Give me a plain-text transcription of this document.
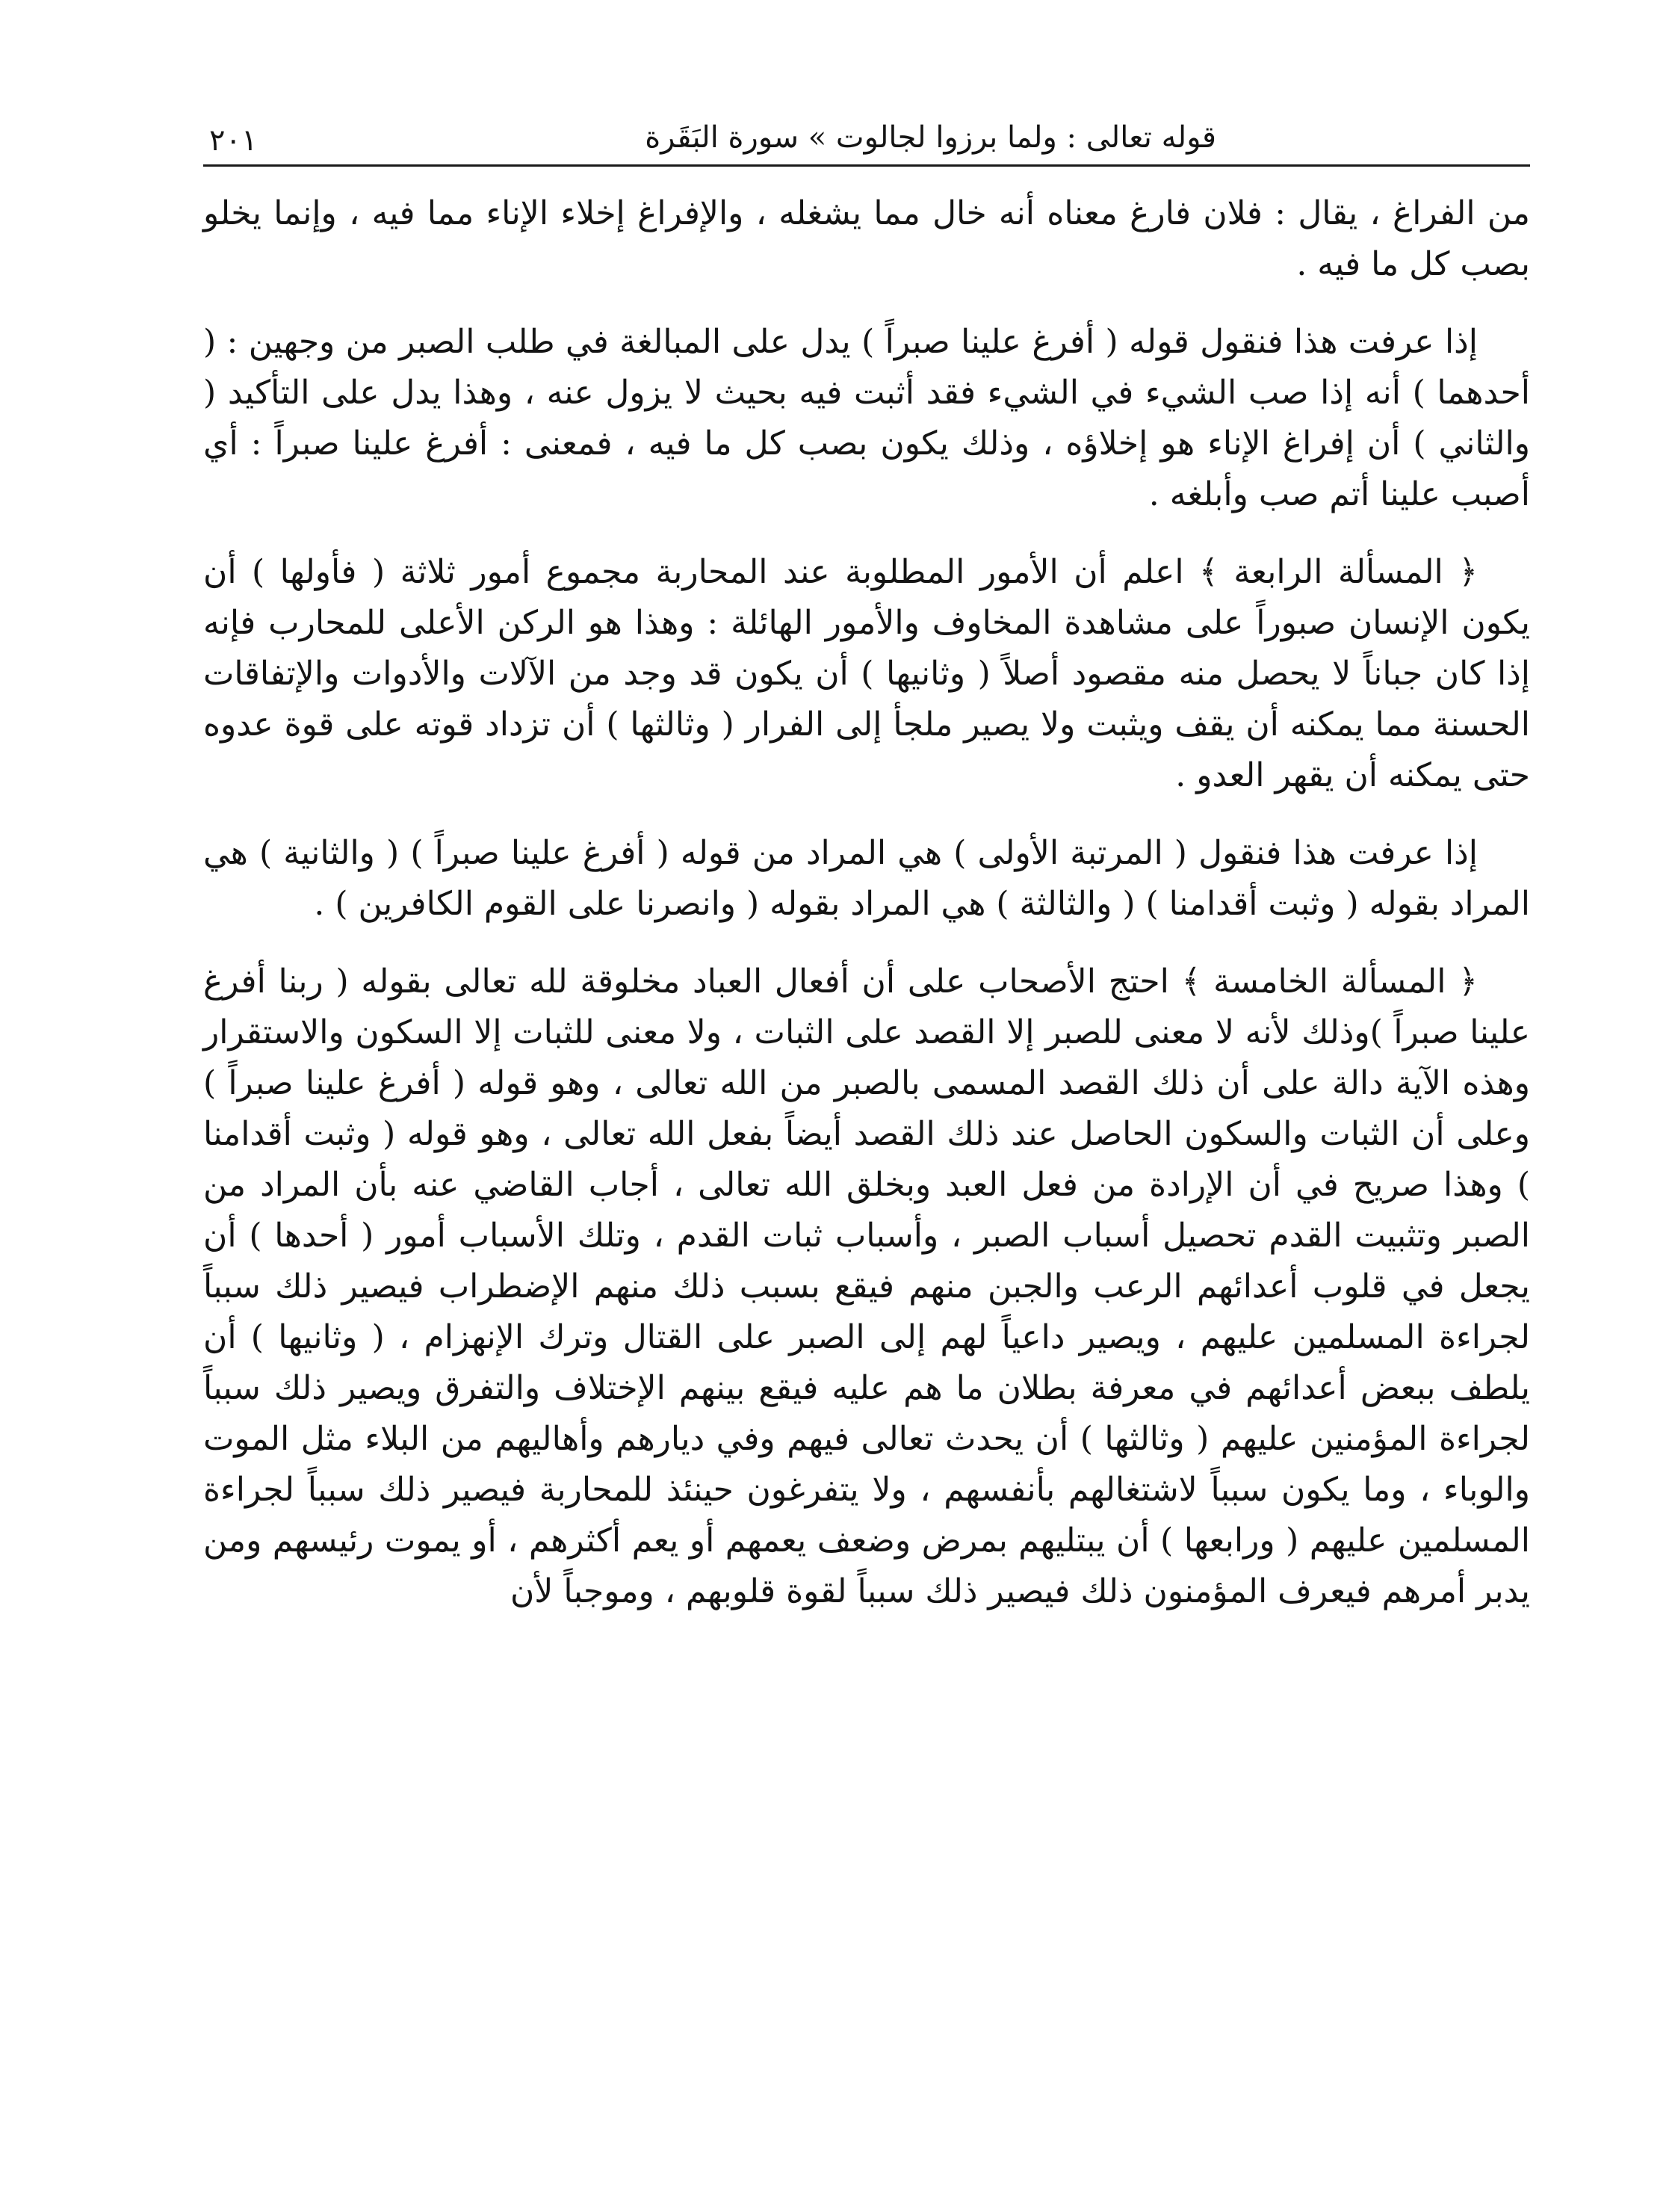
قوله تعالى : ولما برزوا لجالوت » سورة البَقَرة
٢٠١

من الفراغ ، يقال : فلان فارغ معناه أنه خال مما يشغله ، والإفراغ إخلاء الإناء مما فيه ، وإنما يخلو بصب كل ما فيه .

إذا عرفت هذا فنقول قوله ( أفرغ علينا صبراً ) يدل على المبالغة في طلب الصبر من وجهين : ( أحدهما ) أنه إذا صب الشيء في الشيء فقد أثبت فيه بحيث لا يزول عنه ، وهذا يدل على التأكيد ( والثاني ) أن إفراغ الإناء هو إخلاؤه ، وذلك يكون بصب كل ما فيه ، فمعنى : أفرغ علينا صبراً : أي أصبب علينا أتم صب وأبلغه .

﴿ المسألة الرابعة ﴾ اعلم أن الأمور المطلوبة عند المحاربة مجموع أمور ثلاثة ( فأولها ) أن يكون الإنسان صبوراً على مشاهدة المخاوف والأمور الهائلة : وهذا هو الركن الأعلى للمحارب فإنه إذا كان جباناً لا يحصل منه مقصود أصلاً ( وثانيها ) أن يكون قد وجد من الآلات والأدوات والإتفاقات الحسنة مما يمكنه أن يقف ويثبت ولا يصير ملجأ إلى الفرار ( وثالثها ) أن تزداد قوته على قوة عدوه حتى يمكنه أن يقهر العدو .

إذا عرفت هذا فنقول ( المرتبة الأولى ) هي المراد من قوله ( أفرغ علينا صبراً ) ( والثانية ) هي المراد بقوله ( وثبت أقدامنا ) ( والثالثة ) هي المراد بقوله ( وانصرنا على القوم الكافرين ) .

﴿ المسألة الخامسة ﴾ احتج الأصحاب على أن أفعال العباد مخلوقة لله تعالى بقوله ( ربنا أفرغ علينا صبراً )وذلك لأنه لا معنى للصبر إلا القصد على الثبات ، ولا معنى للثبات إلا السكون والاستقرار وهذه الآية دالة على أن ذلك القصد المسمى بالصبر من الله تعالى ، وهو قوله ( أفرغ علينا صبراً ) وعلى أن الثبات والسكون الحاصل عند ذلك القصد أيضاً بفعل الله تعالى ، وهو قوله ( وثبت أقدامنا ) وهذا صريح في أن الإرادة من فعل العبد وبخلق الله تعالى ، أجاب القاضي عنه بأن المراد من الصبر وتثبيت القدم تحصيل أسباب الصبر ، وأسباب ثبات القدم ، وتلك الأسباب أمور ( أحدها ) أن يجعل في قلوب أعدائهم الرعب والجبن منهم فيقع بسبب ذلك منهم الإضطراب فيصير ذلك سبباً لجراءة المسلمين عليهم ، ويصير داعياً لهم إلى الصبر على القتال وترك الإنهزام ، ( وثانيها ) أن يلطف ببعض أعدائهم في معرفة بطلان ما هم عليه فيقع بينهم الإختلاف والتفرق ويصير ذلك سبباً لجراءة المؤمنين عليهم ( وثالثها ) أن يحدث تعالى فيهم وفي ديارهم وأهاليهم من البلاء مثل الموت والوباء ، وما يكون سبباً لاشتغالهم بأنفسهم ، ولا يتفرغون حينئذ للمحاربة فيصير ذلك سبباً لجراءة المسلمين عليهم ( ورابعها ) أن يبتليهم بمرض وضعف يعمهم أو يعم أكثرهم ، أو يموت رئيسهم ومن يدبر أمرهم فيعرف المؤمنون ذلك فيصير ذلك سبباً لقوة قلوبهم ، وموجباً لأن
